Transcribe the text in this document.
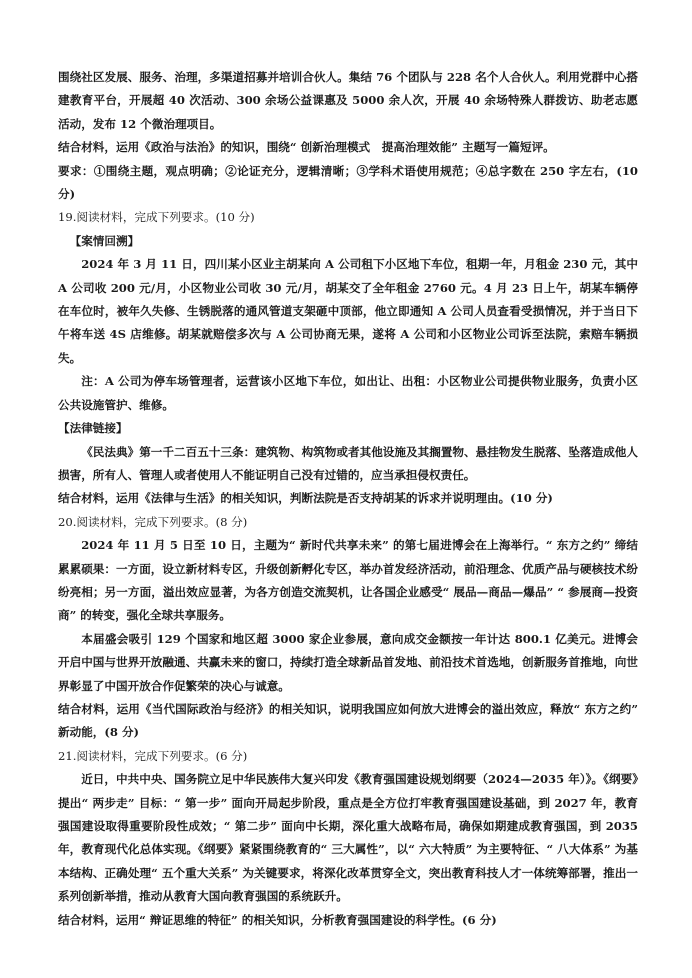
围绕社区发展、服务、治理，多渠道招募并培训合伙人。集结 76 个团队与 228 名个人合伙人。利用党群中心搭建教育平台，开展超 40 次活动、300 余场公益课惠及 5000 余人次，开展 40 余场特殊人群拨访、助老志愿活动，发布 12 个微治理项目。

结合材料，运用《政治与法治》的知识，围绕“ 创新治理模式　提高治理效能” 主题写一篇短评。

要求：①围绕主题，观点明确；②论证充分，逻辑清晰；③学科术语使用规范；④总字数在 250 字左右，(10分)

19.阅读材料，完成下列要求。(10 分)

【案情回溯】

2024 年 3 月 11 日，四川某小区业主胡某向 A 公司租下小区地下车位，租期一年，月租金 230 元，其中 A 公司收 200 元/月，小区物业公司收 30 元/月，胡某交了全年租金 2760 元。4 月 23 日上午，胡某车辆停在车位时，被年久失修、生锈脱落的通风管道支架砸中顶部，他立即通知 A 公司人员查看受损情况，并于当日下午将车送 4S 店维修。胡某就赔偿多次与 A 公司协商无果，遂将 A 公司和小区物业公司诉至法院，索赔车辆损失。

注：A 公司为停车场管理者，运营该小区地下车位，如出让、出租：小区物业公司提供物业服务，负责小区公共设施管护、维修。

【法律链接】

《民法典》第一千二百五十三条：建筑物、构筑物或者其他设施及其搁置物、悬挂物发生脱落、坠落造成他人损害，所有人、管理人或者使用人不能证明自己没有过错的，应当承担侵权责任。

结合材料，运用《法律与生活》的相关知识，判断法院是否支持胡某的诉求并说明理由。(10 分)

20.阅读材料，完成下列要求。(8 分)

2024 年 11 月 5 日至 10 日，主题为“ 新时代共享未来” 的第七届进博会在上海举行。“ 东方之约” 缔结累累硕果：一方面，设立新材料专区，升级创新孵化专区，举办首发经济活动，前沿理念、优质产品与硬核技术纷纷亮相；另一方面，溢出效应显著，为各方创造交流契机，让各国企业感受“ 展品—商品—爆品” “ 参展商—投资商” 的转变，强化全球共享服务。

本届盛会吸引 129 个国家和地区超 3000 家企业参展，意向成交金额按一年计达 800.1 亿美元。进博会开启中国与世界开放融通、共赢未来的窗口，持续打造全球新品首发地、前沿技术首选地，创新服务首推地，向世界彰显了中国开放合作促繁荣的决心与诚意。

结合材料，运用《当代国际政治与经济》的相关知识，说明我国应如何放大进博会的溢出效应，释放“ 东方之约” 新动能，(8 分)

21.阅读材料，完成下列要求。(6 分)

近日，中共中央、国务院立足中华民族伟大复兴印发《教育强国建设规划纲要（2024—2035 年）》。《纲要》提出“ 两步走” 目标：“ 第一步” 面向开局起步阶段，重点是全方位打牢教育强国建设基础，到 2027 年，教育强国建设取得重要阶段性成效；“ 第二步” 面向中长期，深化重大战略布局，确保如期建成教育强国，到 2035 年，教育现代化总体实现。《纲要》紧紧围绕教育的“ 三大属性”，以“ 六大特质” 为主要特征、“ 八大体系” 为基本结构、正确处理“ 五个重大关系” 为关键要求，将深化改革贯穿全文，突出教育科技人才一体统筹部署，推出一系列创新举措，推动从教育大国向教育强国的系统跃升。

结合材料，运用“ 辩证思维的特征” 的相关知识，分析教育强国建设的科学性。(6 分)
